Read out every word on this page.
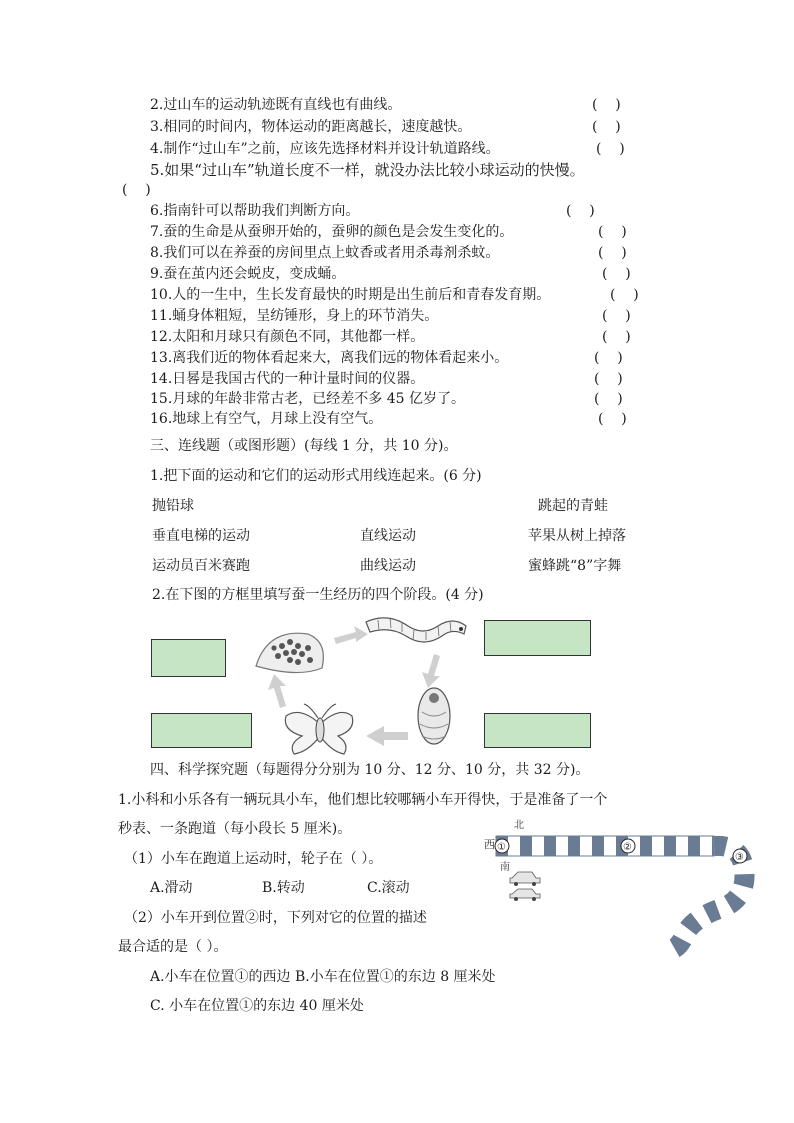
2.过山车的运动轨迹既有直线也有曲线。	(    )
3.相同的时间内，物体运动的距离越长，速度越快。	(    )
4.制作“过山车”之前，应该先选择材料并设计轨道路线。	(    )
5.如果“过山车”轨道长度不一样，就没办法比较小球运动的快慢。
(    )
6.指南针可以帮助我们判断方向。	(    )
7.蚕的生命是从蚕卵开始的，蚕卵的颜色是会发生变化的。	(    )
8.我们可以在养蚕的房间里点上蚊香或者用杀毒剂杀蚊。	(    )
9.蚕在茧内还会蜕皮，变成蛹。	(    )
10.人的一生中，生长发育最快的时期是出生前后和青春发育期。	(    )
11.蛹身体粗短，呈纺锤形，身上的环节消失。	(    )
12.太阳和月球只有颜色不同，其他都一样。	(    )
13.离我们近的物体看起来大，离我们远的物体看起来小。	(    )
14.日晷是我国古代的一种计量时间的仪器。	(    )
15.月球的年龄非常古老，已经差不多 45 亿岁了。	(    )
16.地球上有空气，月球上没有空气。	(    )
三、连线题（或图形题）(每线 1 分，共 10 分)。
1.把下面的运动和它们的运动形式用线连起来。(6 分)
抛铅球
垂直电梯的运动
运动员百米赛跑
直线运动
曲线运动
跳起的青蛙
苹果从树上掉落
蜜蜂跳“8”字舞
2.在下图的方框里填写蚕一生经历的四个阶段。(4 分)
四、科学探究题（每题得分分别为 10 分、12 分、10 分，共 32 分)。
1.小科和小乐各有一辆玩具小车，他们想比较哪辆小车开得快，于是准备了一个
秒表、一条跑道（每小段长 5 厘米)。
（1）小车在跑道上运动时，轮子在（ ）。
A.滑动	B.转动	C.滚动
（2）小车开到位置②时，下列对它的位置的描述
最合适的是（ ）。
A.小车在位置①的西边 B.小车在位置①的东边 8 厘米处
C. 小车在位置①的东边 40 厘米处
北
西
南
①	②
③
